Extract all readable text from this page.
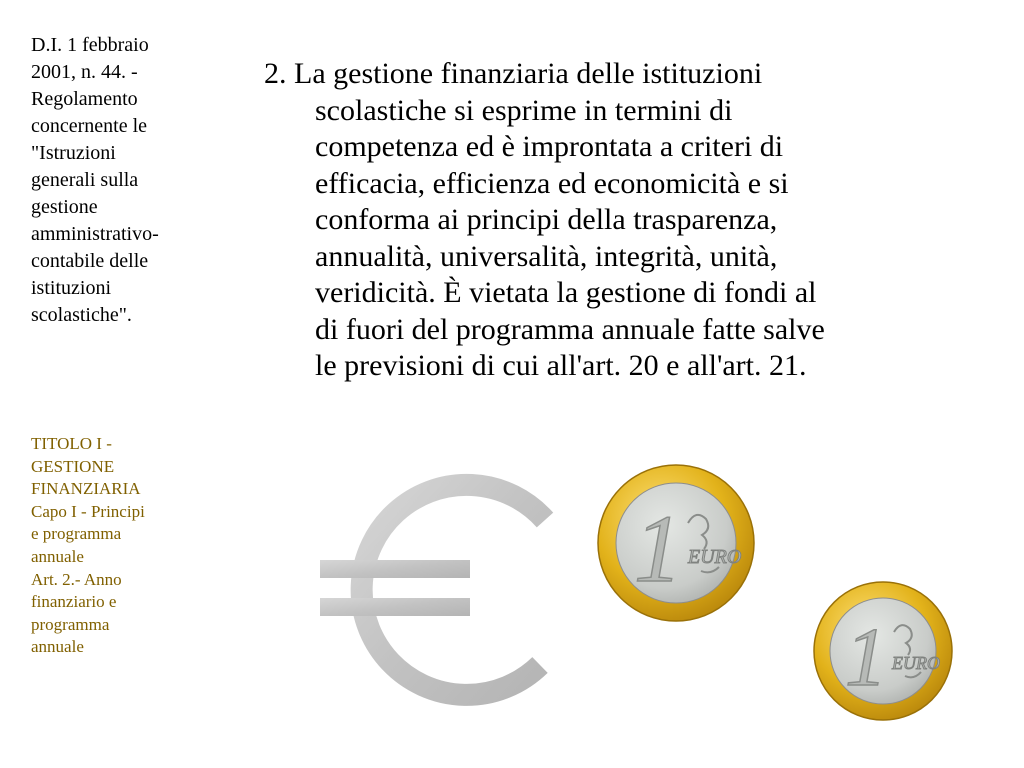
D.I. 1 febbraio
2001, n. 44. -
Regolamento
concernente le
"Istruzioni
generali sulla
gestione
amministrativo-
contabile delle
istituzioni
scolastiche".
TITOLO I -
GESTIONE
FINANZIARIA
Capo I - Principi
e programma
annuale
Art. 2.- Anno
finanziario e
programma
annuale
2. La gestione finanziaria delle istituzioni
scolastiche si esprime in termini di
competenza ed è improntata a criteri di
efficacia, efficienza ed economicità e si
conforma ai principi della trasparenza,
annualità, universalità, integrità, unità,
veridicità. È vietata la gestione di fondi al
di fuori del programma annuale fatte salve
le previsioni di cui all'art. 20 e all'art. 21.
1 EURO
1 EURO
